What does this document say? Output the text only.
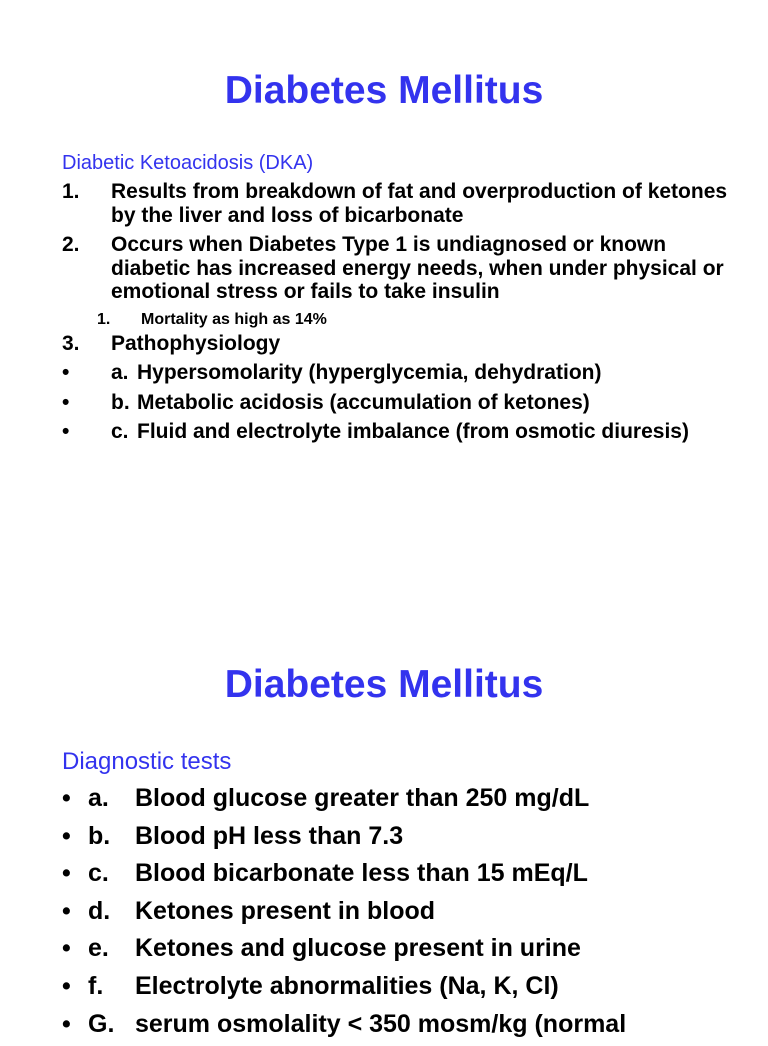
Diabetes Mellitus
Diabetic Ketoacidosis (DKA)
1. Results from breakdown of fat and overproduction of ketones by the liver and loss of bicarbonate
2. Occurs when Diabetes Type 1 is undiagnosed or known diabetic has increased energy needs, when under physical or emotional stress or fails to take insulin
1. Mortality as high as 14%
3. Pathophysiology
• a. Hypersomolarity (hyperglycemia, dehydration)
• b. Metabolic acidosis (accumulation of ketones)
• c. Fluid and electrolyte imbalance (from osmotic diuresis)
Diabetes Mellitus
Diagnostic tests
• a. Blood glucose greater than 250 mg/dL
• b. Blood pH less than 7.3
• c. Blood bicarbonate less than 15 mEq/L
• d. Ketones present in blood
• e. Ketones and glucose present in urine
• f. Electrolyte abnormalities (Na, K, Cl)
• G. serum osmolality < 350 mosm/kg (normal
